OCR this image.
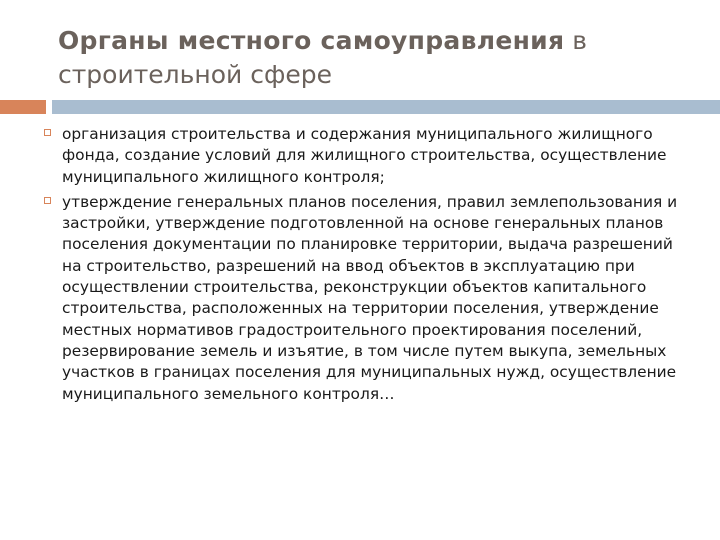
Органы местного самоуправления в строительной сфере
организация строительства и содержания муниципального жилищного фонда, создание условий для жилищного строительства, осуществление муниципального жилищного контроля;
утверждение генеральных планов поселения, правил землепользования и застройки, утверждение подготовленной на основе генеральных планов поселения документации по планировке территории, выдача разрешений на строительство, разрешений на ввод объектов в эксплуатацию при осуществлении строительства, реконструкции объектов капитального строительства, расположенных на территории поселения, утверждение местных нормативов градостроительного проектирования поселений, резервирование земель и изъятие, в том числе путем выкупа, земельных участков в границах поселения для муниципальных нужд, осуществление муниципального земельного контроля…
